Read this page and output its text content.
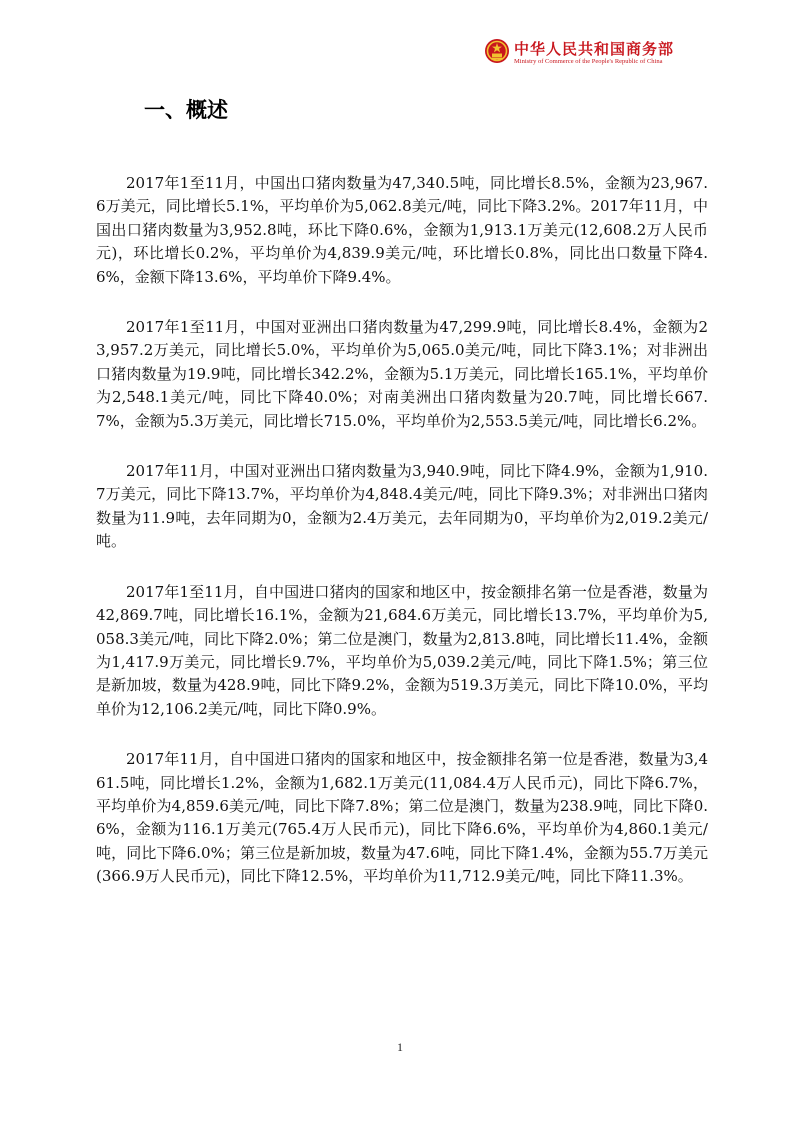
中华人民共和国商务部
Ministry of Commerce of the People's Republic of China
一、概述

2017年1至11月，中国出口猪肉数量为47,340.5吨，同比增长8.5%，金额为23,967.6万美元，同比增长5.1%，平均单价为5,062.8美元/吨，同比下降3.2%。2017年11月，中国出口猪肉数量为3,952.8吨，环比下降0.6%，金额为1,913.1万美元(12,608.2万人民币元)，环比增长0.2%，平均单价为4,839.9美元/吨，环比增长0.8%，同比出口数量下降4.6%，金额下降13.6%，平均单价下降9.4%。

2017年1至11月，中国对亚洲出口猪肉数量为47,299.9吨，同比增长8.4%，金额为23,957.2万美元，同比增长5.0%，平均单价为5,065.0美元/吨，同比下降3.1%；对非洲出口猪肉数量为19.9吨，同比增长342.2%，金额为5.1万美元，同比增长165.1%，平均单价为2,548.1美元/吨，同比下降40.0%；对南美洲出口猪肉数量为20.7吨，同比增长667.7%，金额为5.3万美元，同比增长715.0%，平均单价为2,553.5美元/吨，同比增长6.2%。

2017年11月，中国对亚洲出口猪肉数量为3,940.9吨，同比下降4.9%，金额为1,910.7万美元，同比下降13.7%，平均单价为4,848.4美元/吨，同比下降9.3%；对非洲出口猪肉数量为11.9吨，去年同期为0，金额为2.4万美元，去年同期为0，平均单价为2,019.2美元/吨。

2017年1至11月，自中国进口猪肉的国家和地区中，按金额排名第一位是香港，数量为42,869.7吨，同比增长16.1%，金额为21,684.6万美元，同比增长13.7%，平均单价为5,058.3美元/吨，同比下降2.0%；第二位是澳门，数量为2,813.8吨，同比增长11.4%，金额为1,417.9万美元，同比增长9.7%，平均单价为5,039.2美元/吨，同比下降1.5%；第三位是新加坡，数量为428.9吨，同比下降9.2%，金额为519.3万美元，同比下降10.0%，平均单价为12,106.2美元/吨，同比下降0.9%。

2017年11月，自中国进口猪肉的国家和地区中，按金额排名第一位是香港，数量为3,461.5吨，同比增长1.2%，金额为1,682.1万美元(11,084.4万人民币元)，同比下降6.7%，平均单价为4,859.6美元/吨，同比下降7.8%；第二位是澳门，数量为238.9吨，同比下降0.6%，金额为116.1万美元(765.4万人民币元)，同比下降6.6%，平均单价为4,860.1美元/吨，同比下降6.0%；第三位是新加坡，数量为47.6吨，同比下降1.4%，金额为55.7万美元(366.9万人民币元)，同比下降12.5%，平均单价为11,712.9美元/吨，同比下降11.3%。

1
